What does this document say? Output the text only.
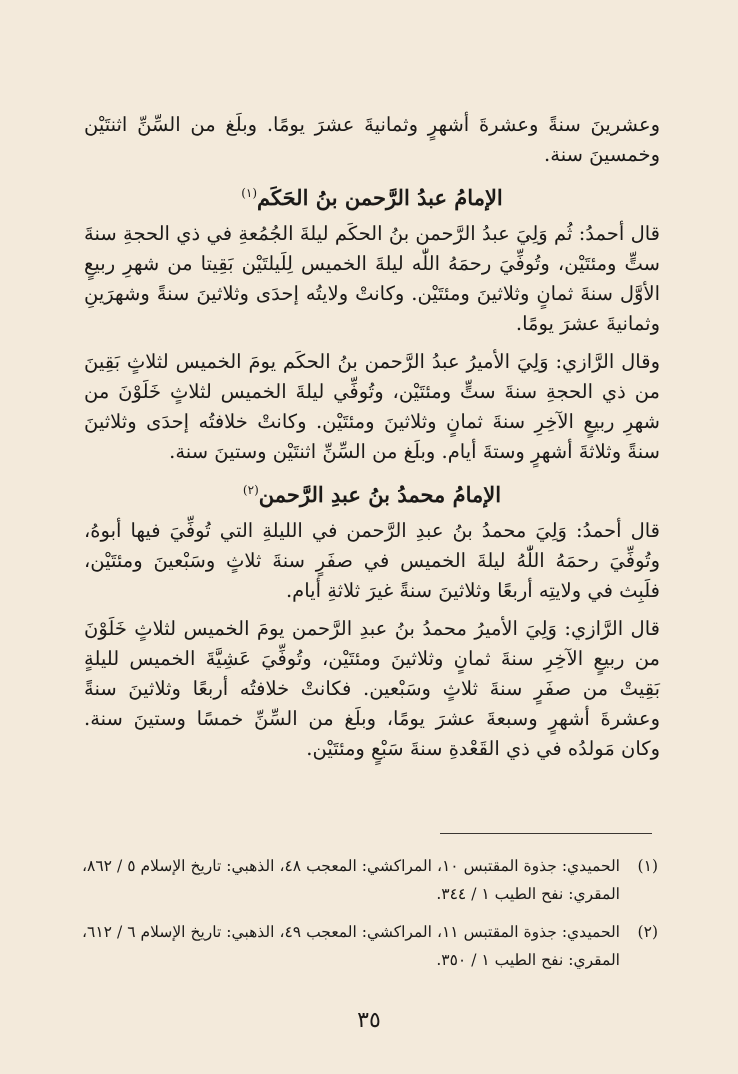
وعشرينَ سنةً وعشرةَ أشهرٍ وثمانيةَ عشرَ يومًا. وبلَغ من السِّنِّ اثنتَيْن وخمسينَ سنة.

الإمامُ عبدُ الرَّحمن بنُ الحَكَم$^{(١)}$

قال أحمدُ: ثُم وَلِيَ عبدُ الرَّحمن بنُ الحكَم ليلةَ الجُمُعةِ في ذي الحجةِ سنةَ ستٍّ ومئتَيْن، وتُوفِّيَ رحمَهُ اللّٰه ليلةَ الخميس لِلَيلتَيْن بَقِيتا من شهرِ ربيعٍ الأوَّل سنةَ ثمانٍ وثلاثينَ ومئتَيْن. وكانتْ ولايتُه إحدَى وثلاثينَ سنةً وشهرَينِ وثمانيةَ عشرَ يومًا.

وقال الرَّازي: وَلِيَ الأميرُ عبدُ الرَّحمن بنُ الحكَم يومَ الخميس لثلاثٍ بَقِينَ من ذي الحجةِ سنةَ ستٍّ ومئتَيْن، وتُوفِّي ليلةَ الخميس لثلاثٍ خَلَوْنَ من شهرِ ربيعٍ الآخِرِ سنةَ ثمانٍ وثلاثينَ ومئتَيْن. وكانتْ خلافتُه إحدَى وثلاثينَ سنةً وثلاثةَ أشهرٍ وستةَ أيام. وبلَغ من السِّنِّ اثنتَيْن وستينَ سنة.

الإمامُ محمدُ بنُ عبدِ الرَّحمن$^{(٢)}$

قال أحمدُ: وَلِيَ محمدُ بنُ عبدِ الرَّحمن في الليلةِ التي تُوفِّيَ فيها أبوهُ، وتُوفِّيَ رحمَهُ اللّٰهُ ليلةَ الخميس في صفَرٍ سنةَ ثلاثٍ وسَبْعينَ ومئتَيْن، فلَبِث في ولايتِه أربعًا وثلاثينَ سنةً غيرَ ثلاثةِ أيام.

قال الرَّازي: وَلِيَ الأميرُ محمدُ بنُ عبدِ الرَّحمن يومَ الخميس لثلاثٍ خَلَوْنَ من ربيعٍ الآخِرِ سنةَ ثمانٍ وثلاثينَ ومئتَيْن، وتُوفِّيَ عَشِيَّةَ الخميس لليلةٍ بَقِيتْ من صفَرٍ سنةَ ثلاثٍ وسَبْعين. فكانتْ خلافتُه أربعًا وثلاثينَ سنةً وعشرةَ أشهرٍ وسبعةَ عشرَ يومًا، وبلَغ من السِّنِّ خمسًا وستينَ سنة. وكان مَولدُه في ذي القَعْدةِ سنةَ سَبْعٍ ومئتَيْن.

(١)
الحميدي: جذوة المقتبس ١٠، المراكشي: المعجب ٤٨، الذهبي: تاريخ الإسلام ٥ / ٨٦٢، المقري: نفح الطيب ١ / ٣٤٤.
(٢)
الحميدي: جذوة المقتبس ١١، المراكشي: المعجب ٤٩، الذهبي: تاريخ الإسلام ٦ / ٦١٢، المقري: نفح الطيب ١ / ٣٥٠.
٣٥
